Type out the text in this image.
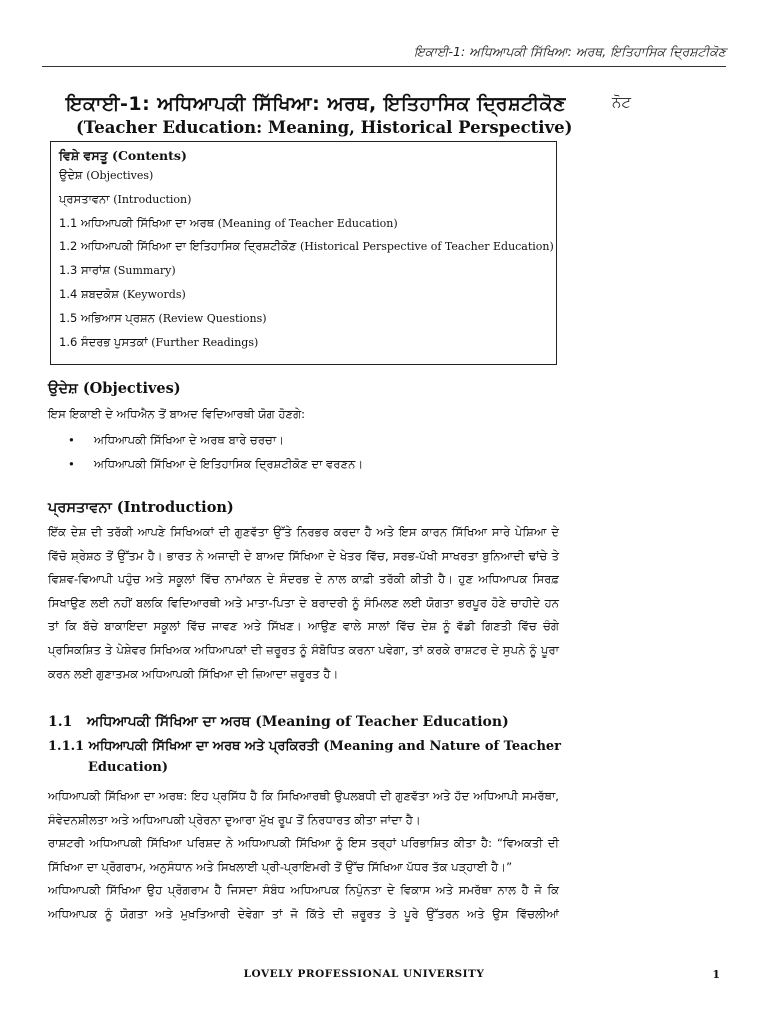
ਇਕਾਈ-1: ਅਧਿਆਪਕੀ ਸਿੱਖਿਆ: ਅਰਥ, ਇਤਿਹਾਸਿਕ ਦ੍ਰਿਸ਼ਟੀਕੋਣ
ਇਕਾਈ-1: ਅਧਿਆਪਕੀ ਸਿੱਖਿਆ: ਅਰਥ, ਇਤਿਹਾਸਿਕ ਦ੍ਰਿਸ਼ਟੀਕੋਣ	ਨੋਟ
(Teacher Education: Meaning, Historical Perspective)
ਵਿਸ਼ੇ ਵਸਤੂ (Contents)
ਉਦੇਸ਼ (Objectives)
ਪ੍ਰਸਤਾਵਨਾ (Introduction)
1.1 ਅਧਿਆਪਕੀ ਸਿੱਖਿਆ ਦਾ ਅਰਥ (Meaning of Teacher Education)
1.2 ਅਧਿਆਪਕੀ ਸਿੱਖਿਆ ਦਾ ਇਤਿਹਾਸਿਕ ਦ੍ਰਿਸ਼ਟੀਕੋਣ (Historical Perspective of Teacher Education)
1.3 ਸਾਰਾਂਸ਼ (Summary)
1.4 ਸ਼ਬਦਕੋਸ਼ (Keywords)
1.5 ਅਭਿਆਸ ਪ੍ਰਸ਼ਨ (Review Questions)
1.6 ਸੰਦਰਭ ਪੁਸਤਕਾਂ (Further Readings)
ਉਦੇਸ਼ (Objectives)
ਇਸ ਇਕਾਈ ਦੇ ਅਧਿਐਨ ਤੋਂ ਬਾਅਦ ਵਿਦਿਆਰਥੀ ਯੋਗ ਹੋਣਗੇ:
• ਅਧਿਆਪਕੀ ਸਿੱਖਿਆ ਦੇ ਅਰਥ ਬਾਰੇ ਚਰਚਾ।
• ਅਧਿਆਪਕੀ ਸਿੱਖਿਆ ਦੇ ਇਤਿਹਾਸਿਕ ਦ੍ਰਿਸ਼ਟੀਕੋਣ ਦਾ ਵਰਣਨ।
ਪ੍ਰਸਤਾਵਨਾ (Introduction)
ਇੱਕ ਦੇਸ਼ ਦੀ ਤਰੱਕੀ ਆਪਣੇ ਸਿਖਿਅਕਾਂ ਦੀ ਗੁਣਵੱਤਾ ਉੱਤੇ ਨਿਰਭਰ ਕਰਦਾ ਹੈ ਅਤੇ ਇਸ ਕਾਰਨ ਸਿੱਖਿਆ ਸਾਰੇ ਪੇਸ਼ਿਆ ਦੇ
ਵਿੱਚੋ ਸ਼੍ਰੇਸ਼ਠ ਤੋਂ ਉੱਤਮ ਹੈ। ਭਾਰਤ ਨੇ ਅਜਾਦੀ ਦੇ ਬਾਅਦ ਸਿੱਖਿਆ ਦੇ ਖੇਤਰ ਵਿੱਚ, ਸਰਭ-ਪੱਖੀ ਸਾਖਰਤਾ ਬੁਨਿਆਦੀ ਢਾਂਚੇ ਤੇ
ਵਿਸ਼ਵ-ਵਿਆਪੀ ਪਹੁੰਚ ਅਤੇ ਸਕੂਲਾਂ ਵਿੱਚ ਨਾਮਾਂਕਨ ਦੇ ਸੰਦਰਭ ਦੇ ਨਾਲ ਕਾਫ਼ੀ ਤਰੱਕੀ ਕੀਤੀ ਹੈ। ਹੁਣ ਅਧਿਆਪਕ ਸਿਰਫ਼
ਸਿਖਾਉਣ ਲਈ ਨਹੀਂ ਬਲਕਿ ਵਿਦਿਆਰਥੀ ਅਤੇ ਮਾਤਾ-ਪਿਤਾ ਦੇ ਬਰਾਦਰੀ ਨੂੰ ਸੰਮਿਲਣ ਲਈ ਯੋਗਤਾ ਭਰਪੂਰ ਹੋਣੇ ਚਾਹੀਦੇ ਹਨ
ਤਾਂ ਕਿ ਬੱਚੇ ਬਾਕਾਇਦਾ ਸਕੂਲਾਂ ਵਿੱਚ ਜਾਵਣ ਅਤੇ ਸਿੱਖਣ। ਆਉਣ ਵਾਲੇ ਸਾਲਾਂ ਵਿੱਚ ਦੇਸ਼ ਨੂੰ ਵੱਡੀ ਗਿਣਤੀ ਵਿੱਚ ਚੰਗੇ
ਪ੍ਰਸਿਕਸ਼ਿਤ ਤੇ ਪੇਸ਼ੇਵਰ ਸਿਖਿਅਕ ਅਧਿਆਪਕਾਂ ਦੀ ਜ਼ਰੂਰਤ ਨੂੰ ਸੰਬੋਧਿਤ ਕਰਨਾ ਪਵੇਗਾ, ਤਾਂ ਕਰਕੇ ਰਾਸ਼ਟਰ ਦੇ ਸੁਪਨੇ ਨੂੰ ਪੂਰਾ
ਕਰਨ ਲਈ ਗੁਣਾਤਮਕ ਅਧਿਆਪਕੀ ਸਿੱਖਿਆ ਦੀ ਜ਼ਿਆਦਾ ਜ਼ਰੂਰਤ ਹੈ।
1.1 ਅਧਿਆਪਕੀ ਸਿੱਖਿਆ ਦਾ ਅਰਥ (Meaning of Teacher Education)
1.1.1 ਅਧਿਆਪਕੀ ਸਿੱਖਿਆ ਦਾ ਅਰਥ ਅਤੇ ਪ੍ਰਕਿਰਤੀ (Meaning and Nature of Teacher
Education)
ਅਧਿਆਪਕੀ ਸਿੱਖਿਆ ਦਾ ਅਰਥ: ਇਹ ਪ੍ਰਸਿੱਧ ਹੈ ਕਿ ਸਿਖਿਆਰਥੀ ਉਪਲਬਧੀ ਦੀ ਗੁਣਵੱਤਾ ਅਤੇ ਹੱਦ ਅਧਿਆਪੀ ਸਮਰੱਥਾ,
ਸੰਵੇਦਨਸ਼ੀਲਤਾ ਅਤੇ ਅਧਿਆਪਕੀ ਪ੍ਰੇਰਨਾ ਦੁਆਰਾ ਮੁੱਖ ਰੂਪ ਤੋਂ ਨਿਰਧਾਰਤ ਕੀਤਾ ਜਾਂਦਾ ਹੈ।
ਰਾਸ਼ਟਰੀ ਅਧਿਆਪਕੀ ਸਿੱਖਿਆ ਪਰਿਸ਼ਦ ਨੇ ਅਧਿਆਪਕੀ ਸਿੱਖਿਆ ਨੂੰ ਇਸ ਤਰ੍ਹਾਂ ਪਰਿਭਾਸ਼ਿਤ ਕੀਤਾ ਹੈ: “ਵਿਅਕਤੀ ਦੀ
ਸਿੱਖਿਆ ਦਾ ਪ੍ਰੋਗਰਾਮ, ਅਨੁਸੰਧਾਨ ਅਤੇ ਸਿਖਲਾਈ ਪ੍ਰੀ-ਪ੍ਰਾਇਮਰੀ ਤੋਂ ਉੱਚ ਸਿੱਖਿਆ ਪੱਧਰ ਤੱਕ ਪੜ੍ਹਾਈ ਹੈ।”
ਅਧਿਆਪਕੀ ਸਿੱਖਿਆ ਉਹ ਪ੍ਰੋਗਰਾਮ ਹੈ ਜਿਸਦਾ ਸੰਬੰਧ ਅਧਿਆਪਕ ਨਿਪੁੰਨਤਾ ਦੇ ਵਿਕਾਸ ਅਤੇ ਸਮਰੱਥਾ ਨਾਲ ਹੈ ਜੋ ਕਿ
ਅਧਿਆਪਕ ਨੂੰ ਯੋਗਤਾ ਅਤੇ ਮੁਖ਼ਤਿਆਰੀ ਦੇਵੇਗਾ ਤਾਂ ਜੋ ਕਿੱਤੇ ਦੀ ਜ਼ਰੂਰਤ ਤੇ ਪੂਰੇ ਉੱਤਰਨ ਅਤੇ ਉਸ ਵਿੱਚਲੀਆਂ
LOVELY PROFESSIONAL UNIVERSITY	1
